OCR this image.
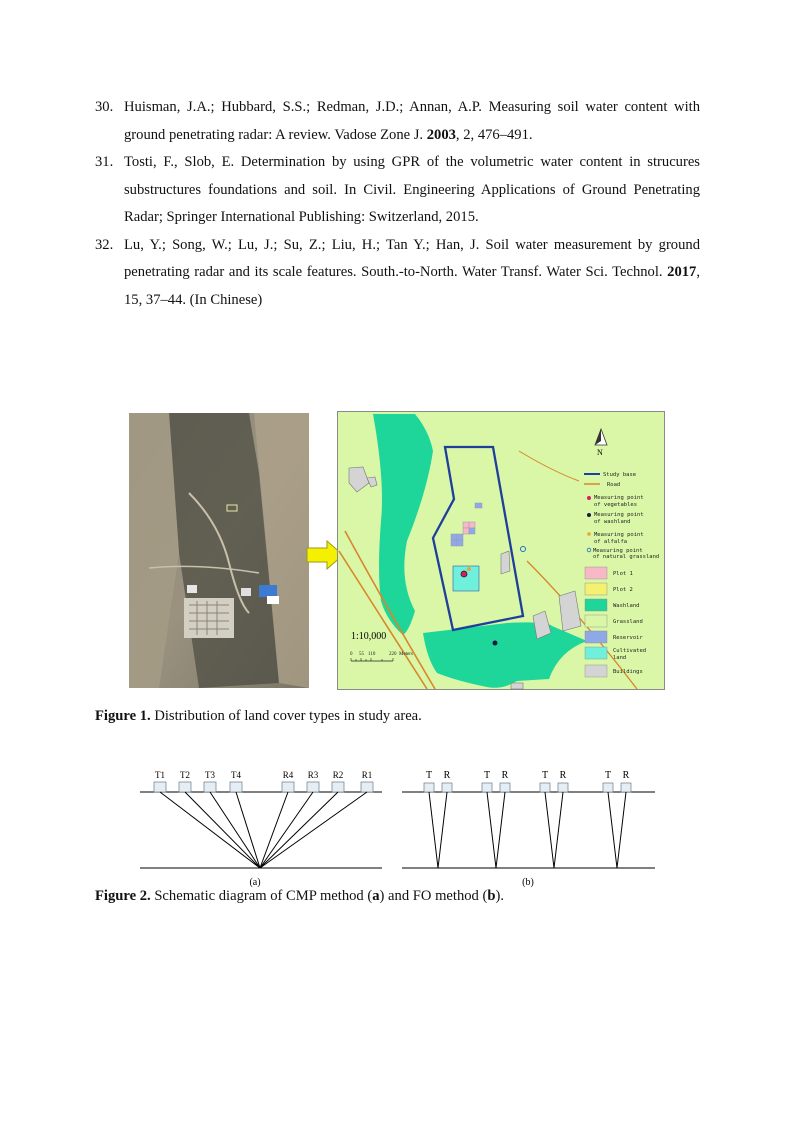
30. Huisman, J.A.; Hubbard, S.S.; Redman, J.D.; Annan, A.P. Measuring soil water content with ground penetrating radar: A review. Vadose Zone J. 2003, 2, 476–491.
31. Tosti, F., Slob, E. Determination by using GPR of the volumetric water content in strucures substructures foundations and soil. In Civil. Engineering Applications of Ground Penetrating Radar; Springer International Publishing: Switzerland, 2015.
32. Lu, Y.; Song, W.; Lu, J.; Su, Z.; Liu, H.; Tan Y.; Han, J. Soil water measurement by ground penetrating radar and its scale features. South.-to-North. Water Transf. Water Sci. Technol. 2017, 15, 37–44. (In Chinese)
N
Study base
Road
Measuring point
of vegetables
Measuring point
of washland
Measuring point
of alfalfa
Measuring point
of natural grassland
Plot 1
Plot 2
Washland
Grassland
Reservoir
Cultivated
land
Buildings
1:10,000
0 55 110	220 Meters
Figure 1. Distribution of land cover types in study area.
T1 T2 T3 T4	R4 R3 R2 R1
(a)
T R	T R	T R	T R
(b)
Figure 2. Schematic diagram of CMP method (a) and FO method (b).
